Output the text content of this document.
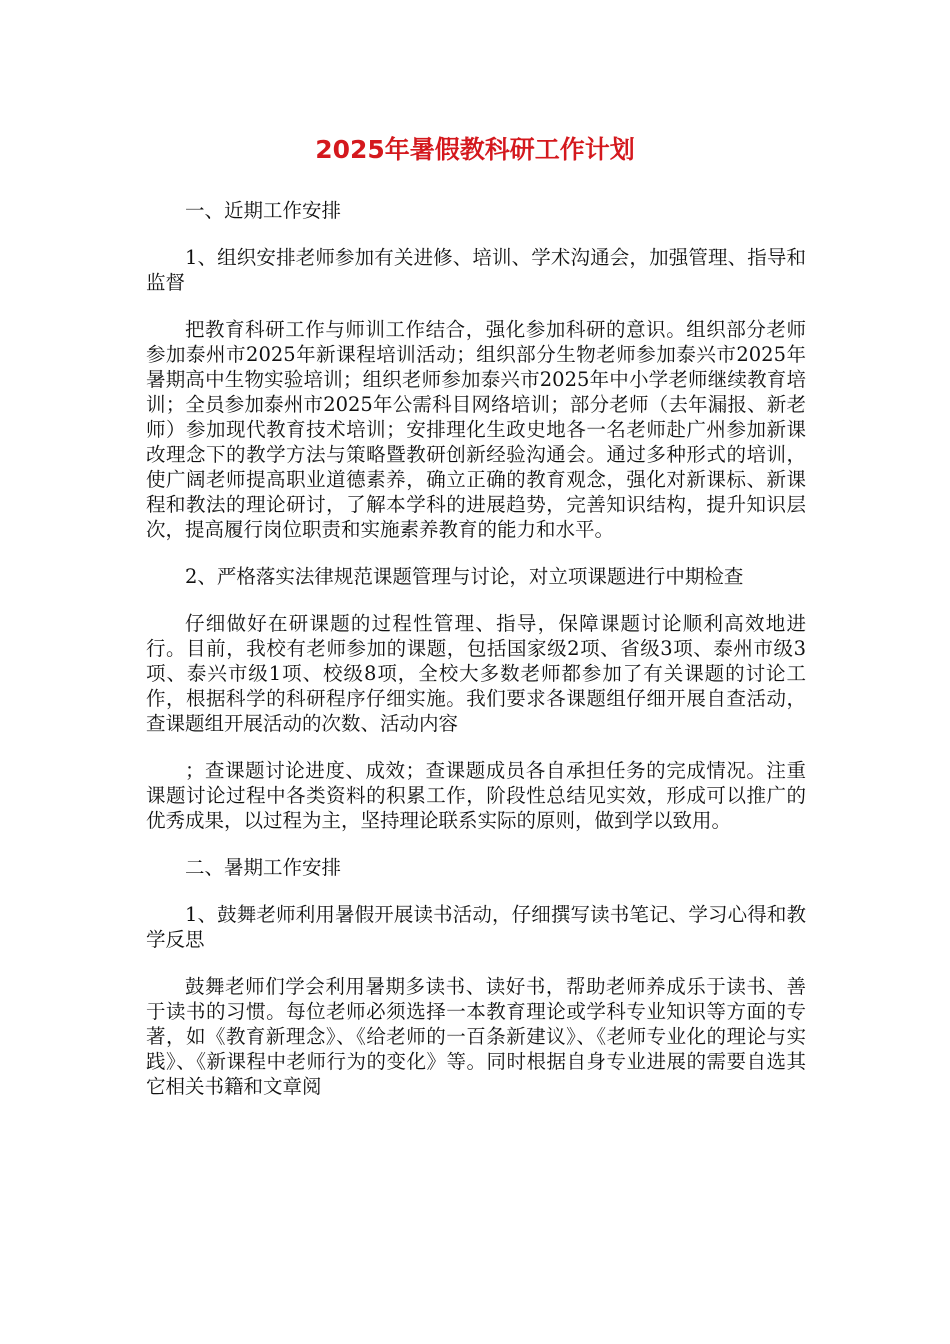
2025年暑假教科研工作计划

一、近期工作安排

1、组织安排老师参加有关进修、培训、学术沟通会，加强管理、指导和监督

把教育科研工作与师训工作结合，强化参加科研的意识。组织部分老师参加泰州市2025年新课程培训活动；组织部分生物老师参加泰兴市2025年暑期高中生物实验培训；组织老师参加泰兴市2025年中小学老师继续教育培训；全员参加泰州市2025年公需科目网络培训；部分老师（去年漏报、新老师）参加现代教育技术培训；安排理化生政史地各一名老师赴广州参加新课改理念下的教学方法与策略暨教研创新经验沟通会。通过多种形式的培训，使广阔老师提高职业道德素养，确立正确的教育观念，强化对新课标、新课程和教法的理论研讨，了解本学科的进展趋势，完善知识结构，提升知识层次，提高履行岗位职责和实施素养教育的能力和水平。

2、严格落实法律规范课题管理与讨论，对立项课题进行中期检查

仔细做好在研课题的过程性管理、指导，保障课题讨论顺利高效地进行。目前，我校有老师参加的课题，包括国家级2项、省级3项、泰州市级3项、泰兴市级1项、校级8项，全校大多数老师都参加了有关课题的讨论工作，根据科学的科研程序仔细实施。我们要求各课题组仔细开展自查活动，查课题组开展活动的次数、活动内容

；查课题讨论进度、成效；查课题成员各自承担任务的完成情况。注重课题讨论过程中各类资料的积累工作，阶段性总结见实效，形成可以推广的优秀成果，以过程为主，坚持理论联系实际的原则，做到学以致用。

二、暑期工作安排

1、鼓舞老师利用暑假开展读书活动，仔细撰写读书笔记、学习心得和教学反思

鼓舞老师们学会利用暑期多读书、读好书，帮助老师养成乐于读书、善于读书的习惯。每位老师必须选择一本教育理论或学科专业知识等方面的专著，如《教育新理念》、《给老师的一百条新建议》、《老师专业化的理论与实践》、《新课程中老师行为的变化》等。同时根据自身专业进展的需要自选其它相关书籍和文章阅
